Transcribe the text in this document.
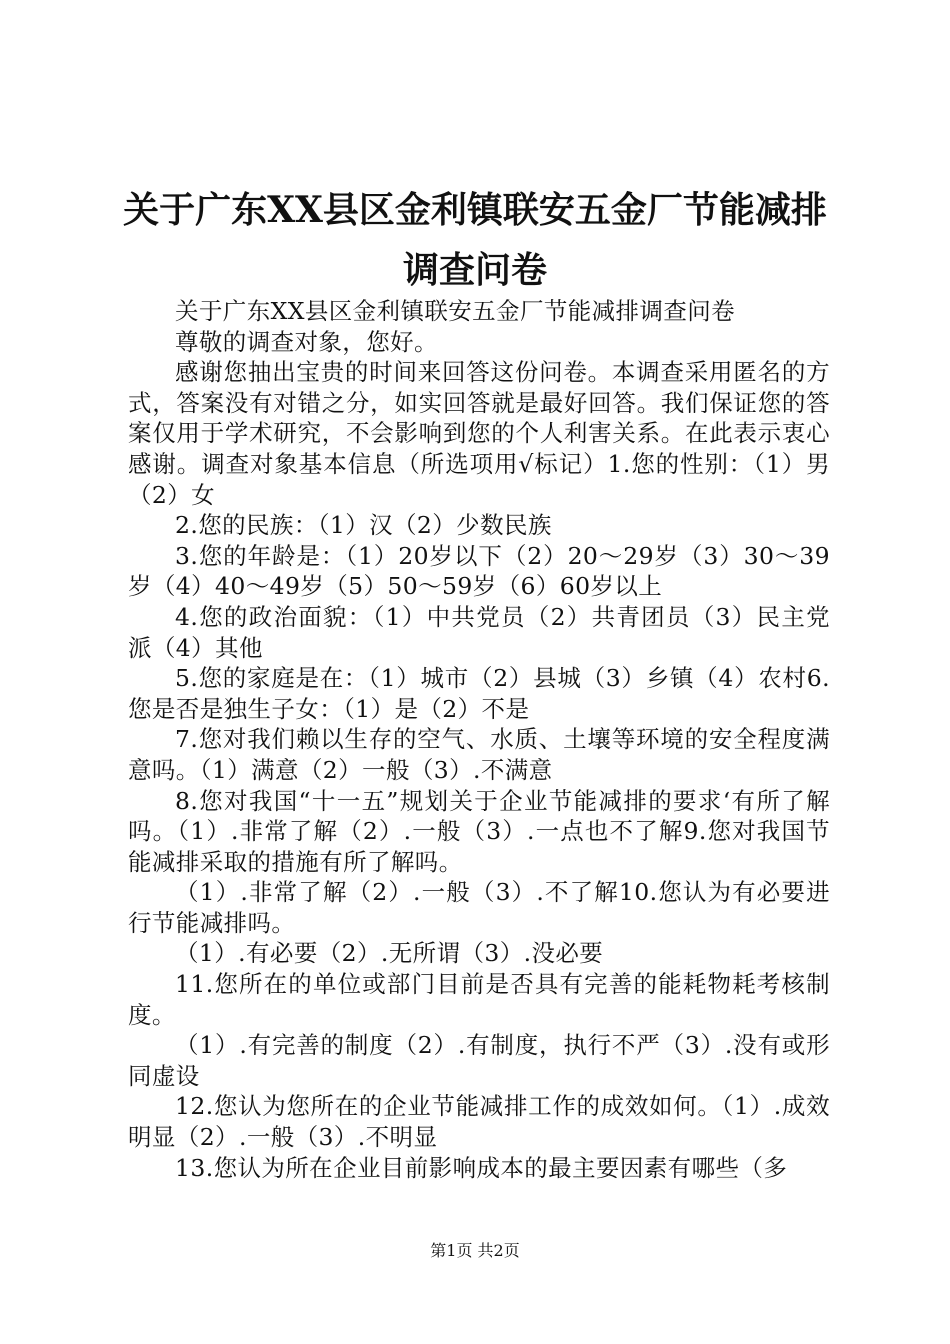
关于广东XX县区金利镇联安五金厂节能减排
调查问卷

关于广东XX县区金利镇联安五金厂节能减排调查问卷

尊敬的调查对象，您好。

感谢您抽出宝贵的时间来回答这份问卷。本调查采用匿名的方式，答案没有对错之分，如实回答就是最好回答。我们保证您的答案仅用于学术研究，不会影响到您的个人利害关系。在此表示衷心感谢。调查对象基本信息（所选项用√标记）1.您的性别：（1）男（2）女

2.您的民族：（1）汉（2）少数民族

3.您的年龄是：（1）20岁以下（2）20～29岁（3）30～39岁（4）40～49岁（5）50～59岁（6）60岁以上

4.您的政治面貌：（1）中共党员（2）共青团员（3）民主党派（4）其他

5.您的家庭是在：（1）城市（2）县城（3）乡镇（4）农村6.您是否是独生子女：（1）是（2）不是

7.您对我们赖以生存的空气、水质、土壤等环境的安全程度满意吗。（1）满意（2）一般（3）.不满意

8.您对我国“十一五”规划关于企业节能减排的要求‘有所了解吗。（1）.非常了解（2）.一般（3）.一点也不了解9.您对我国节能减排采取的措施有所了解吗。

（1）.非常了解（2）.一般（3）.不了解10.您认为有必要进行节能减排吗。

（1）.有必要（2）.无所谓（3）.没必要

11.您所在的单位或部门目前是否具有完善的能耗物耗考核制度。

（1）.有完善的制度（2）.有制度，执行不严（3）.没有或形同虚设

12.您认为您所在的企业节能减排工作的成效如何。（1）.成效明显（2）.一般（3）.不明显

13.您认为所在企业目前影响成本的最主要因素有哪些（多

第1页 共2页
